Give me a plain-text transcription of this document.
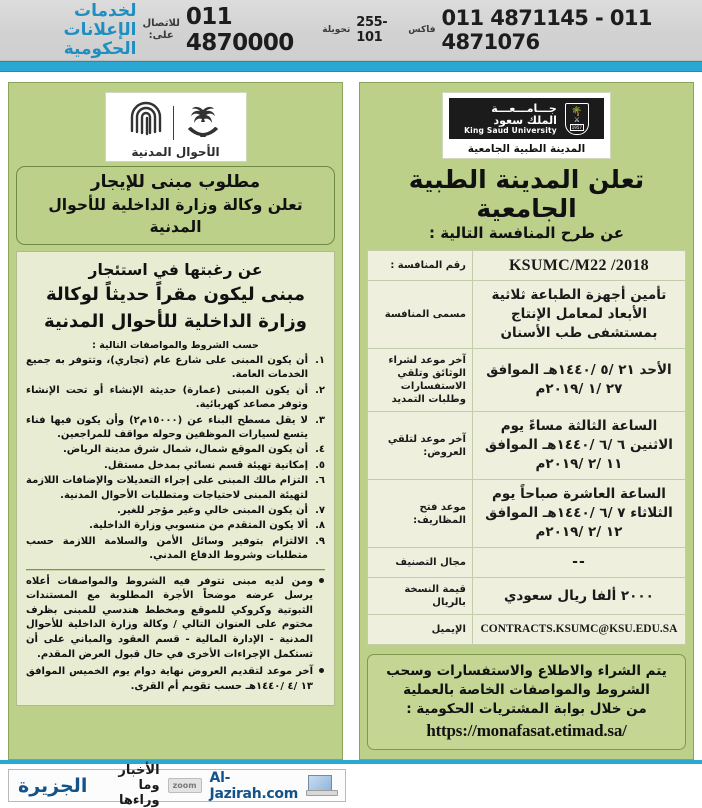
لخدمات
الإعلانات الحكومية
للاتصال
على:
011 4870000	تحويلة 255-101	فاكس 011 4871145 - 011 4871076
الأحوال المدنية
مطلوب مبنى للإيجار
تعلن وكالة وزارة الداخلية للأحوال المدنية
عن رغبتها في استئجار
مبنى ليكون مقراً حديثاً لوكالة
وزارة الداخلية للأحوال المدنية
حسب الشروط والمواصفات التالية :
١.
أن يكون المبنى على شارع عام (تجاري)، وتتوفر به جميع الخدمات العامة.
٢.
أن يكون المبنى (عمارة) حديثة الإنشاء أو تحت الإنشاء وتوفر مصاعد كهربائية.
٣.
لا يقل مسطح البناء عن (١٥٠٠٠م٢) وأن يكون فيها فناء يتسع لسيارات الموظفين وحوله مواقف للمراجعين.
٤.
أن يكون الموقع شمال، شمال شرق مدينة الرياض.
٥.
إمكانية تهيئة قسم نسائي بمدخل مستقل.
٦.
التزام مالك المبنى على إجراء التعديلات والإضافات اللازمة لتهيئة المبنى لاحتياجات ومتطلبات الأحوال المدنية.
٧.
أن يكون المبنى خالي وغير مؤجر للغير.
٨.
ألا يكون المتقدم من منسوبي وزارة الداخلية.
٩.
الالتزام بتوفير وسائل الأمن والسلامة اللازمة حسب متطلبات وشروط الدفاع المدني.
ومن لديه مبنى تتوفر فيه الشروط والمواصفات أعلاه يرسل عرضه موضحاً الأجرة المطلوبة مع المستندات الثبوتية وكروكي للموقع ومخطط هندسي للمبنى بظرف مختوم على العنوان التالي / وكالة وزارة الداخلية للأحوال المدنية - الإدارة المالية - قسم العقود والمباني على أن تستكمل الإجراءات الأخرى في حال قبول العرض المقدم.
آخر موعد لتقديم العروض نهاية دوام يوم الخميس الموافق ١٣ /٤ /١٤٤٠هـ حسب تقويم أم القرى.
جـــامـــعـــة
الملك سعود
King Saud University
🌴
⚔
1957
المدينة الطبية الجامعية
تعلن المدينة الطبية الجامعية
عن طرح المنافسة التالية :
KSUMC/M22 /2018	رقم المنافسة :
تأمين أجهزة الطباعة ثلاثية الأبعاد لمعامل الإنتاج بمستشفى طب الأسنان	مسمى المنافسة
الأحد ٢١ /٥ /١٤٤٠هـ الموافق ٢٧ /١ /٢٠١٩م	آخر موعد لشراء الوثائق وتلقي الاستفسارات وطلبات التمديد
الساعة الثالثة مساءً يوم الاثنين ٦ /٦ /١٤٤٠هـ الموافق ١١ /٢ /٢٠١٩م	آخر موعد لتلقي العروض:
الساعة العاشرة صباحاً يوم الثلاثاء ٧ /٦ /١٤٤٠هـ الموافق ١٢ /٢ /٢٠١٩م	موعد فتح المظاريف:
--	مجال التصنيف
٢٠٠٠ ألفا ريال سعودي	قيمة النسخة بالريال
CONTRACTS.KSUMC@KSU.EDU.SA	الإيميل
يتم الشراء والاطلاع والاستفسارات وسحب
الشروط والمواصفات الخاصة بالعملية
من خلال بوابة المشتريات الحكومية :
https://monafasat.etimad.sa/
الجزيرة
الأخبار وما وراءها
zoom Al-Jazirah.com
